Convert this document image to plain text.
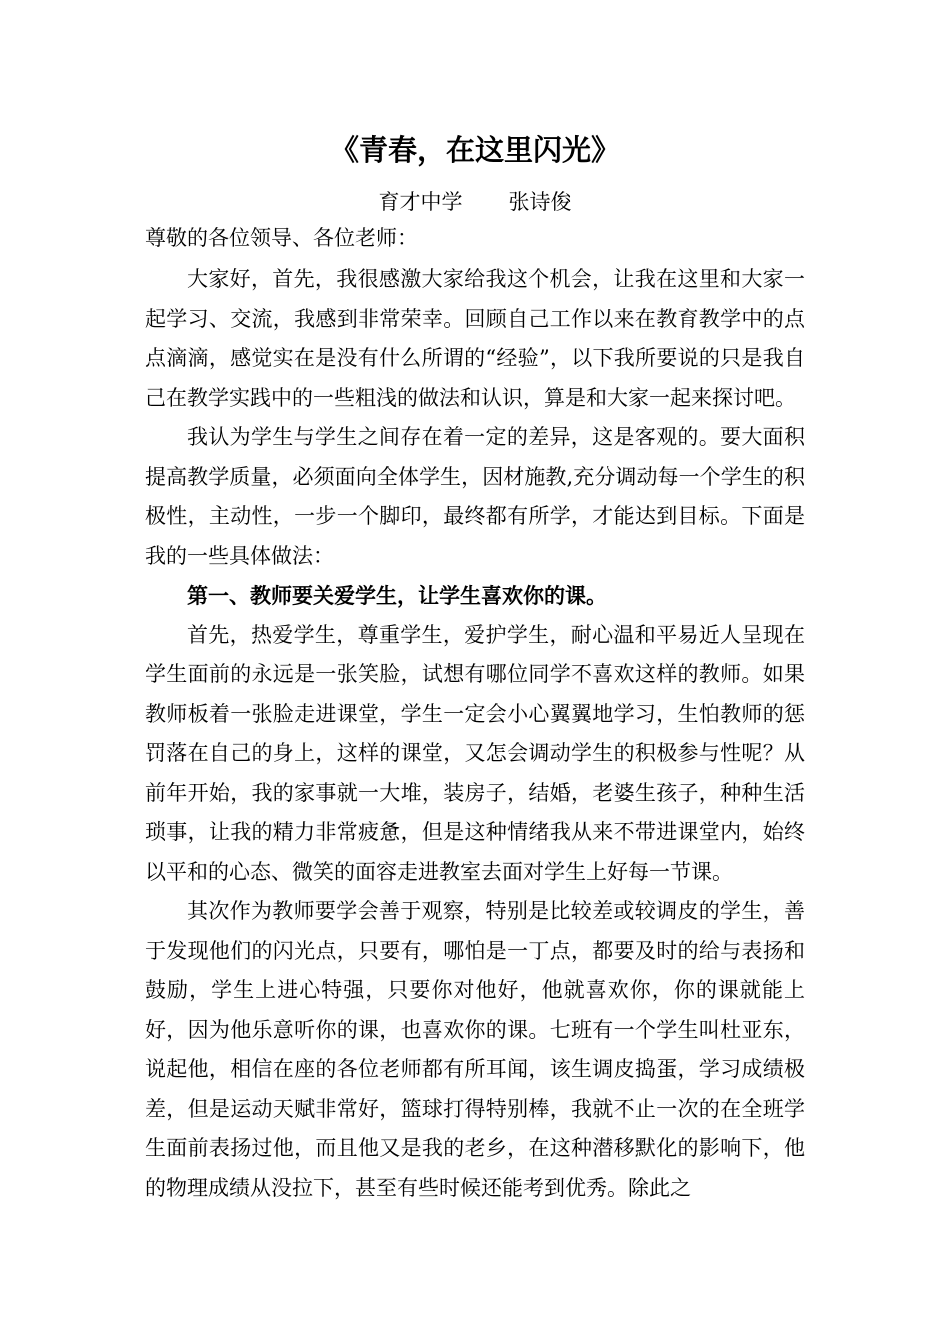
《青春，在这里闪光》
育才中学 张诗俊

尊敬的各位领导、各位老师：

大家好，首先，我很感激大家给我这个机会，让我在这里和大家一起学习、交流，我感到非常荣幸。回顾自己工作以来在教育教学中的点点滴滴，感觉实在是没有什么所谓的“经验”，以下我所要说的只是我自己在教学实践中的一些粗浅的做法和认识，算是和大家一起来探讨吧。

我认为学生与学生之间存在着一定的差异，这是客观的。要大面积提高教学质量，必须面向全体学生，因材施教,充分调动每一个学生的积极性，主动性，一步一个脚印，最终都有所学，才能达到目标。下面是我的一些具体做法：

第一、教师要关爱学生，让学生喜欢你的课。

首先，热爱学生，尊重学生，爱护学生，耐心温和平易近人呈现在学生面前的永远是一张笑脸，试想有哪位同学不喜欢这样的教师。如果教师板着一张脸走进课堂，学生一定会小心翼翼地学习，生怕教师的惩罚落在自己的身上，这样的课堂，又怎会调动学生的积极参与性呢？从前年开始，我的家事就一大堆，装房子，结婚，老婆生孩子，种种生活琐事，让我的精力非常疲惫，但是这种情绪我从来不带进课堂内，始终以平和的心态、微笑的面容走进教室去面对学生上好每一节课。

其次作为教师要学会善于观察，特别是比较差或较调皮的学生，善于发现他们的闪光点，只要有，哪怕是一丁点，都要及时的给与表扬和鼓励，学生上进心特强，只要你对他好，他就喜欢你，你的课就能上好，因为他乐意听你的课，也喜欢你的课。七班有一个学生叫杜亚东，说起他，相信在座的各位老师都有所耳闻，该生调皮捣蛋，学习成绩极差，但是运动天赋非常好，篮球打得特别棒，我就不止一次的在全班学生面前表扬过他，而且他又是我的老乡，在这种潜移默化的影响下，他的物理成绩从没拉下，甚至有些时候还能考到优秀。除此之
